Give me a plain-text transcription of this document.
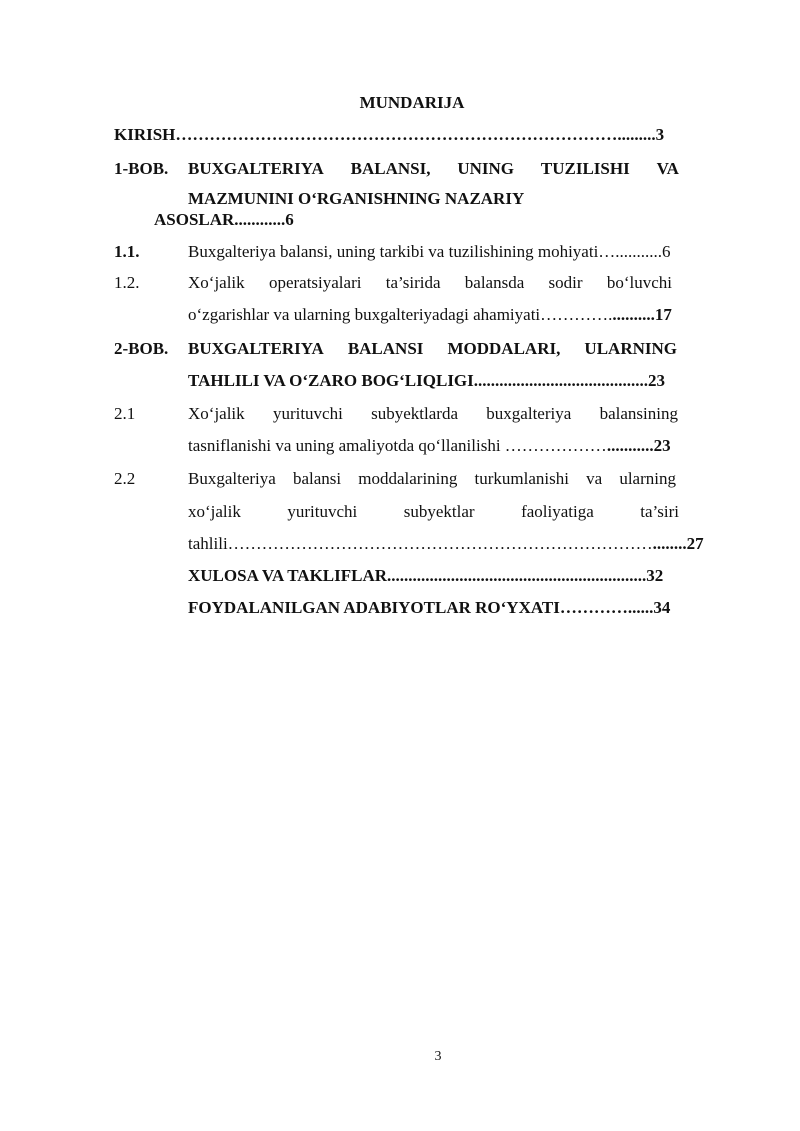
MUNDARIJA
KIRISH…………………………………………………………………….........3
1-BOB. BUXGALTERIYA BALANSI, UNING TUZILISHI VA
MAZMUNINI O‘RGANISHNING NAZARIY
ASOSLAR............6
1.1.	Buxgalteriya balansi, uning tarkibi va tuzilishining mohiyati…...........6
1.2.	Xo‘jalik operatsiyalari ta’sirida balansda sodir bo‘luvchi
o‘zgarishlar va ularning buxgalteriyadagi ahamiyati…………...........17
2-BOB. BUXGALTERIYA BALANSI MODDALARI, ULARNING
TAHLILI VA O‘ZARO BOG‘LIQLIGI.........................................23
2.1	Xo‘jalik yurituvchi subyektlarda buxgalteriya balansining
tasniflanishi va uning amaliyotda qo‘llanilishi ………………...........23
2.2	Buxgalteriya balansi moddalarining turkumlanishi va ularning
xo‘jalik	yurituvchi	subyektlar	faoliyatiga	ta’siri
tahlili…………………………………………………………………........27
XULOSA VA TAKLIFLAR.............................................................32
FOYDALANILGAN ADABIYOTLAR RO‘YXATI…………......34
3
